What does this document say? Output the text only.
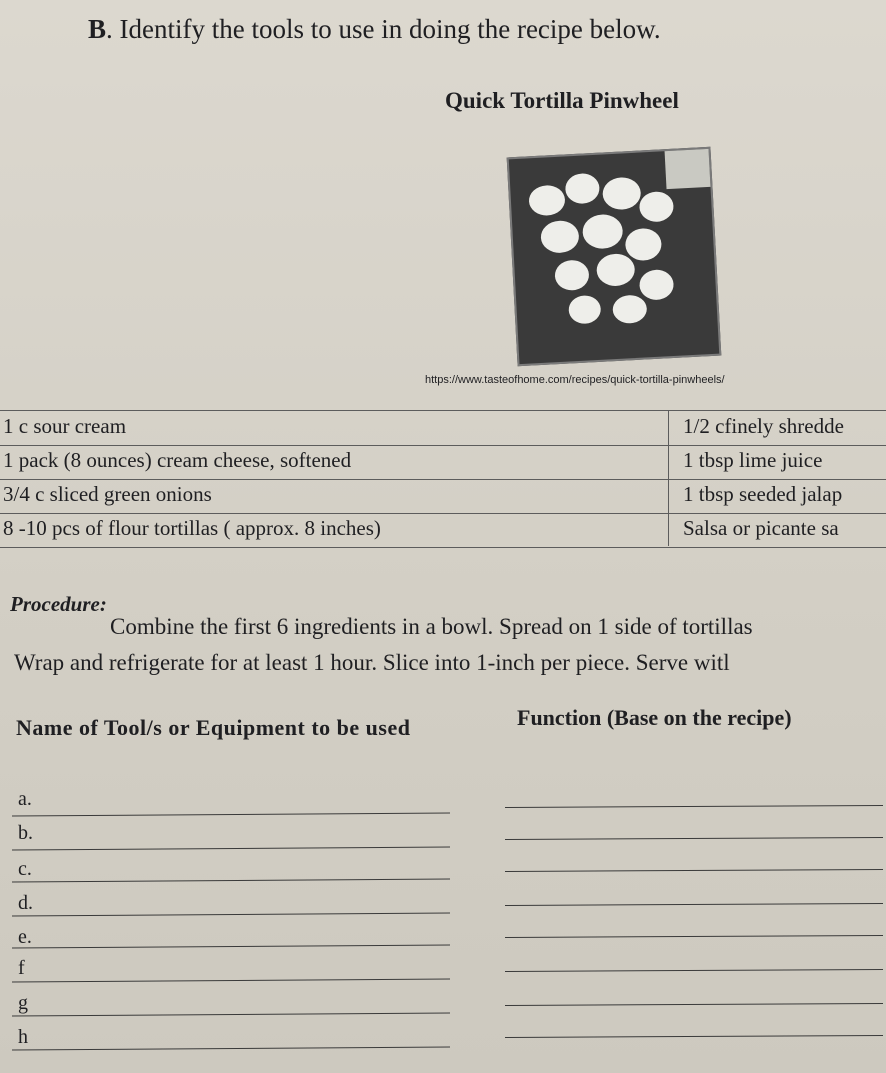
B. Identify the tools to use in doing the recipe below.
Quick Tortilla Pinwheel
https://www.tasteofhome.com/recipes/quick-tortilla-pinwheels/
1 c sour cream	1/2 cfinely shredde
1 pack (8 ounces) cream cheese, softened	1 tbsp lime juice
3/4 c sliced green onions	1 tbsp seeded jalap
8 -10 pcs of flour tortillas ( approx. 8 inches)	Salsa or picante sa
Procedure:
Combine the first 6 ingredients in a bowl. Spread on 1 side of tortillas
Wrap and refrigerate for at least 1 hour. Slice into 1-inch per piece. Serve witl
Name of Tool/s or Equipment to be used	Function (Base on the recipe)
a.
b.
c.
d.
e.
f
g
h
